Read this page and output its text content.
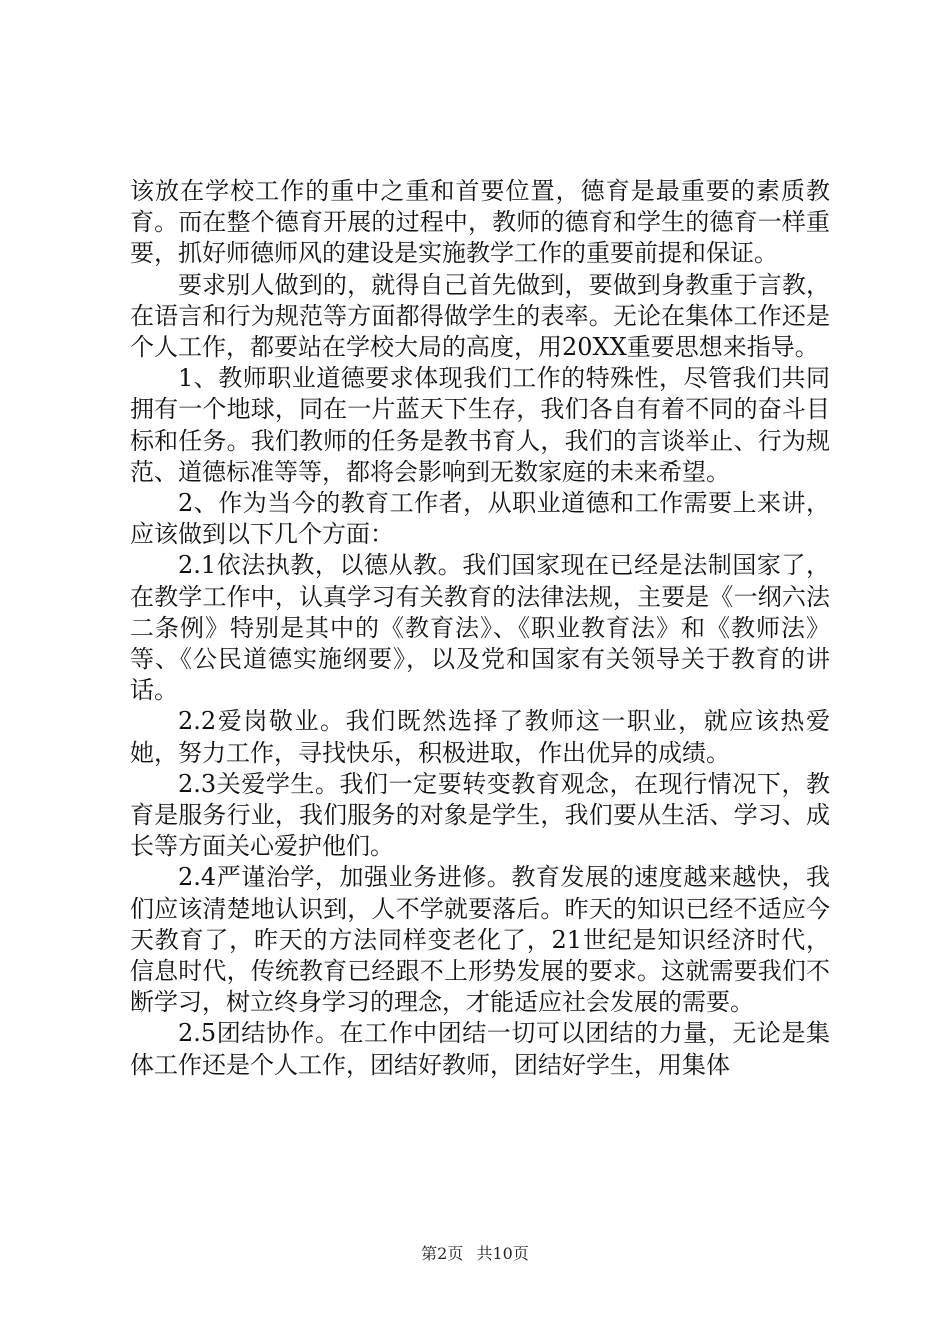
该放在学校工作的重中之重和首要位置，德育是最重要的素质教育。而在整个德育开展的过程中，教师的德育和学生的德育一样重要，抓好师德师风的建设是实施教学工作的重要前提和保证。

要求别人做到的，就得自己首先做到，要做到身教重于言教，在语言和行为规范等方面都得做学生的表率。无论在集体工作还是个人工作，都要站在学校大局的高度，用20XX重要思想来指导。

1、教师职业道德要求体现我们工作的特殊性，尽管我们共同拥有一个地球，同在一片蓝天下生存，我们各自有着不同的奋斗目标和任务。我们教师的任务是教书育人，我们的言谈举止、行为规范、道德标准等等，都将会影响到无数家庭的未来希望。

2、作为当今的教育工作者，从职业道德和工作需要上来讲，应该做到以下几个方面：

2.1依法执教，以德从教。我们国家现在已经是法制国家了，在教学工作中，认真学习有关教育的法律法规，主要是《一纲六法二条例》特别是其中的《教育法》、《职业教育法》和《教师法》等、《公民道德实施纲要》，以及党和国家有关领导关于教育的讲话。

2.2爱岗敬业。我们既然选择了教师这一职业，就应该热爱她，努力工作，寻找快乐，积极进取，作出优异的成绩。

2.3关爱学生。我们一定要转变教育观念，在现行情况下，教育是服务行业，我们服务的对象是学生，我们要从生活、学习、成长等方面关心爱护他们。

2.4严谨治学，加强业务进修。教育发展的速度越来越快，我们应该清楚地认识到，人不学就要落后。昨天的知识已经不适应今天教育了，昨天的方法同样变老化了，21世纪是知识经济时代，信息时代，传统教育已经跟不上形势发展的要求。这就需要我们不断学习，树立终身学习的理念，才能适应社会发展的需要。

2.5团结协作。在工作中团结一切可以团结的力量，无论是集体工作还是个人工作，团结好教师，团结好学生，用集体

第2页 共10页
